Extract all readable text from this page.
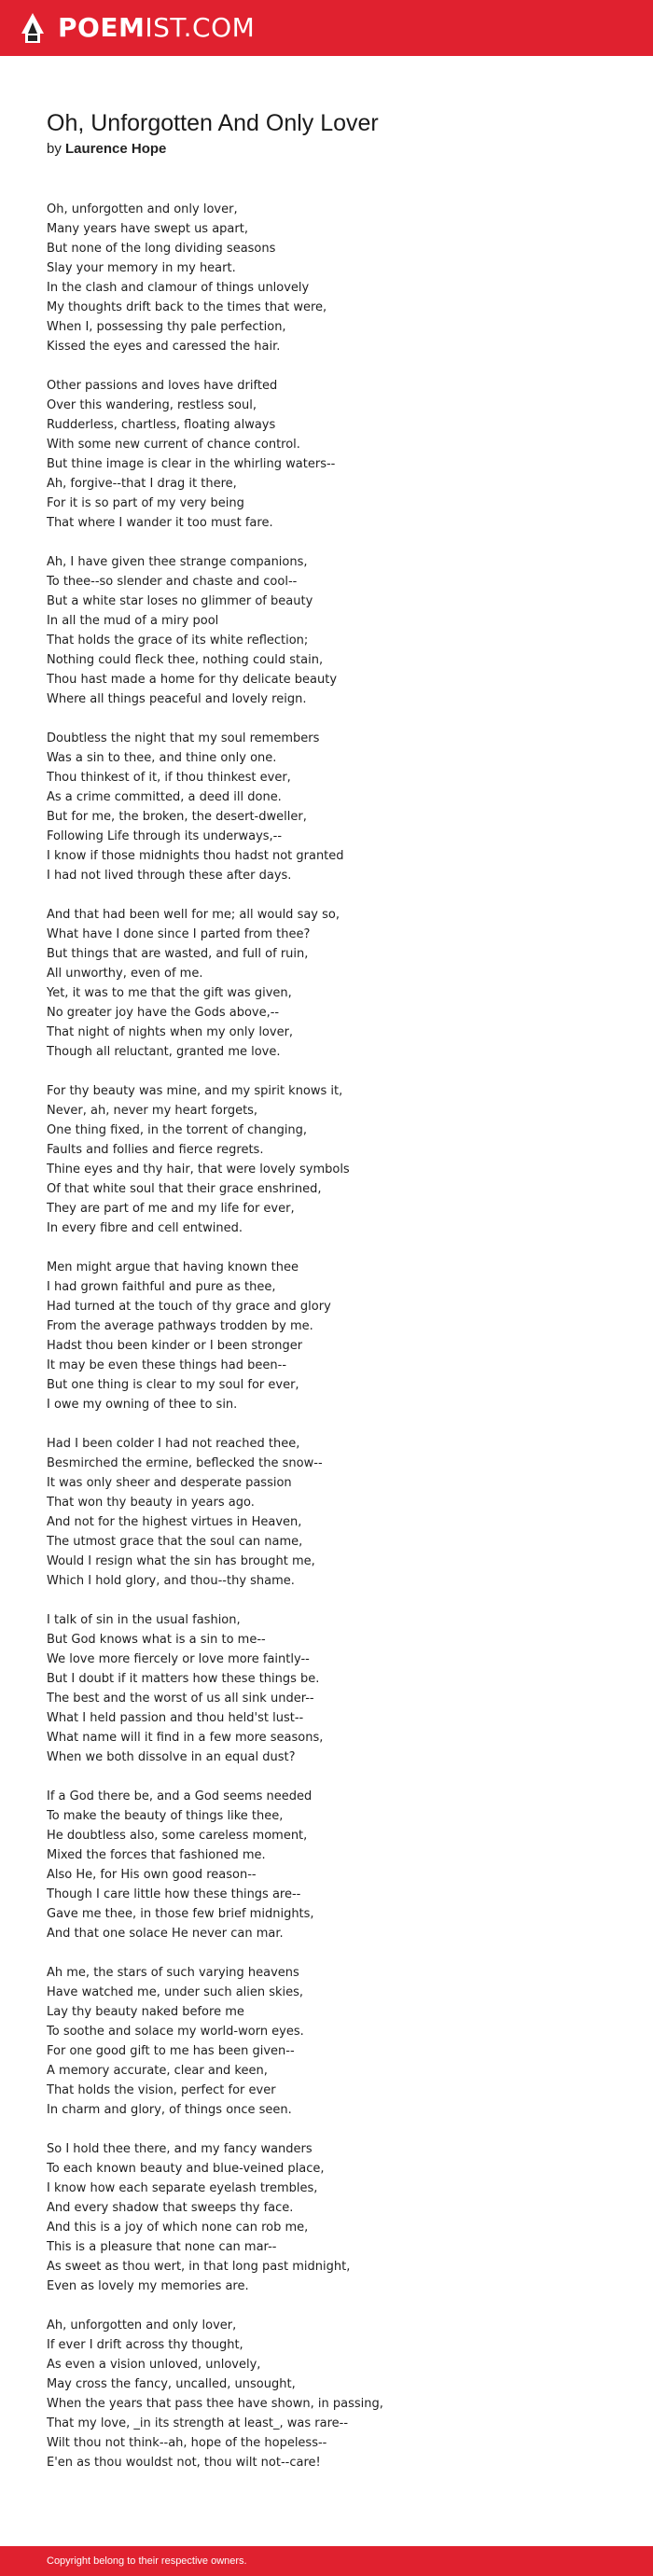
POEMIST.COM
Oh, Unforgotten And Only Lover
by Laurence Hope
Oh, unforgotten and only lover,
Many years have swept us apart,
But none of the long dividing seasons
Slay your memory in my heart.
In the clash and clamour of things unlovely
My thoughts drift back to the times that were,
When I, possessing thy pale perfection,
Kissed the eyes and caressed the hair.
Other passions and loves have drifted
Over this wandering, restless soul,
Rudderless, chartless, floating always
With some new current of chance control.
But thine image is clear in the whirling waters--
Ah, forgive--that I drag it there,
For it is so part of my very being
That where I wander it too must fare.
Ah, I have given thee strange companions,
To thee--so slender and chaste and cool--
But a white star loses no glimmer of beauty
In all the mud of a miry pool
That holds the grace of its white reflection;
Nothing could fleck thee, nothing could stain,
Thou hast made a home for thy delicate beauty
Where all things peaceful and lovely reign.
Doubtless the night that my soul remembers
Was a sin to thee, and thine only one.
Thou thinkest of it, if thou thinkest ever,
As a crime committed, a deed ill done.
But for me, the broken, the desert-dweller,
Following Life through its underways,--
I know if those midnights thou hadst not granted
I had not lived through these after days.
And that had been well for me; all would say so,
What have I done since I parted from thee?
But things that are wasted, and full of ruin,
All unworthy, even of me.
Yet, it was to me that the gift was given,
No greater joy have the Gods above,--
That night of nights when my only lover,
Though all reluctant, granted me love.
For thy beauty was mine, and my spirit knows it,
Never, ah, never my heart forgets,
One thing fixed, in the torrent of changing,
Faults and follies and fierce regrets.
Thine eyes and thy hair, that were lovely symbols
Of that white soul that their grace enshrined,
They are part of me and my life for ever,
In every fibre and cell entwined.
Men might argue that having known thee
I had grown faithful and pure as thee,
Had turned at the touch of thy grace and glory
From the average pathways trodden by me.
Hadst thou been kinder or I been stronger
It may be even these things had been--
But one thing is clear to my soul for ever,
I owe my owning of thee to sin.
Had I been colder I had not reached thee,
Besmirched the ermine, beflecked the snow--
It was only sheer and desperate passion
That won thy beauty in years ago.
And not for the highest virtues in Heaven,
The utmost grace that the soul can name,
Would I resign what the sin has brought me,
Which I hold glory, and thou--thy shame.
I talk of sin in the usual fashion,
But God knows what is a sin to me--
We love more fiercely or love more faintly--
But I doubt if it matters how these things be.
The best and the worst of us all sink under--
What I held passion and thou held'st lust--
What name will it find in a few more seasons,
When we both dissolve in an equal dust?
If a God there be, and a God seems needed
To make the beauty of things like thee,
He doubtless also, some careless moment,
Mixed the forces that fashioned me.
Also He, for His own good reason--
Though I care little how these things are--
Gave me thee, in those few brief midnights,
And that one solace He never can mar.
Ah me, the stars of such varying heavens
Have watched me, under such alien skies,
Lay thy beauty naked before me
To soothe and solace my world-worn eyes.
For one good gift to me has been given--
A memory accurate, clear and keen,
That holds the vision, perfect for ever
In charm and glory, of things once seen.
So I hold thee there, and my fancy wanders
To each known beauty and blue-veined place,
I know how each separate eyelash trembles,
And every shadow that sweeps thy face.
And this is a joy of which none can rob me,
This is a pleasure that none can mar--
As sweet as thou wert, in that long past midnight,
Even as lovely my memories are.
Ah, unforgotten and only lover,
If ever I drift across thy thought,
As even a vision unloved, unlovely,
May cross the fancy, uncalled, unsought,
When the years that pass thee have shown, in passing,
That my love, _in its strength at least_, was rare--
Wilt thou not think--ah, hope of the hopeless--
E'en as thou wouldst not, thou wilt not--care!
Copyright belong to their respective owners.
